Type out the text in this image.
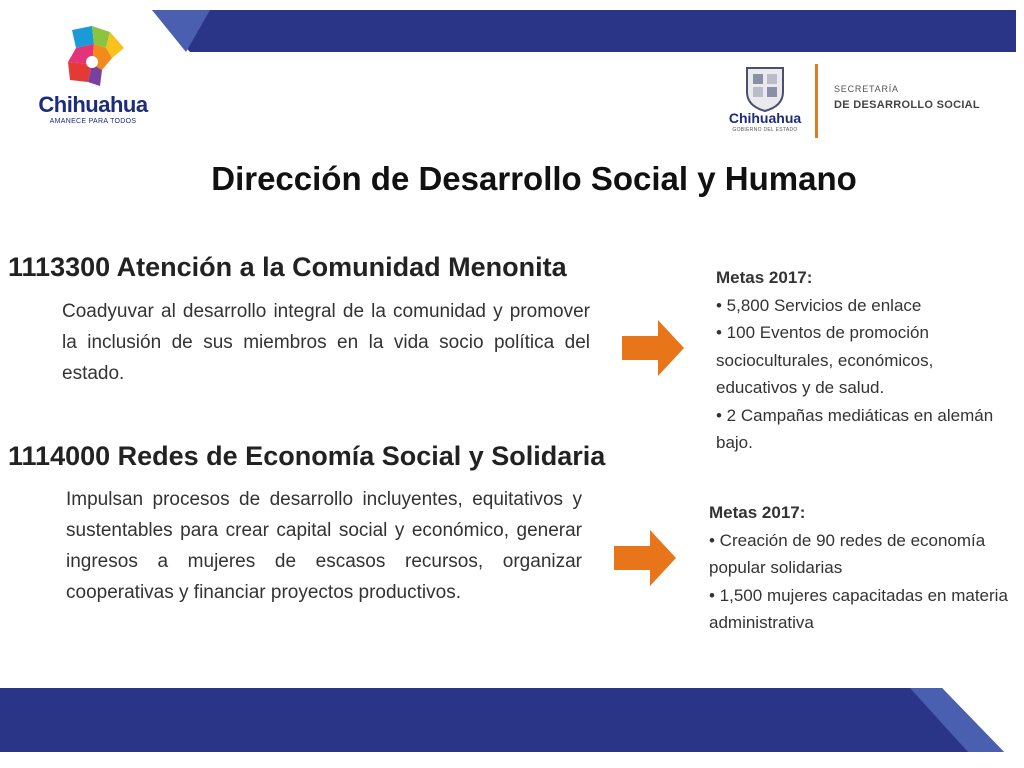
Chihuahua
AMANECE PARA TODOS	Chihuahua
GOBIERNO DEL ESTADO
SECRETARÍA
DE DESARROLLO SOCIAL
Dirección de Desarrollo Social y Humano
1113300 Atención a la Comunidad Menonita
Coadyuvar al desarrollo integral de la comunidad y promover la inclusión de sus miembros en la vida socio política del estado.
Metas 2017:
• 5,800 Servicios de enlace
• 100 Eventos de promoción socioculturales, económicos, educativos y de salud.
• 2 Campañas mediáticas en alemán bajo.
1114000 Redes de Economía Social y Solidaria
Impulsan procesos de desarrollo incluyentes, equitativos y sustentables para crear capital social y económico, generar ingresos a mujeres de escasos recursos, organizar cooperativas y financiar proyectos productivos.
Metas 2017:
• Creación de 90 redes de economía popular solidarias
• 1,500 mujeres capacitadas en materia administrativa
